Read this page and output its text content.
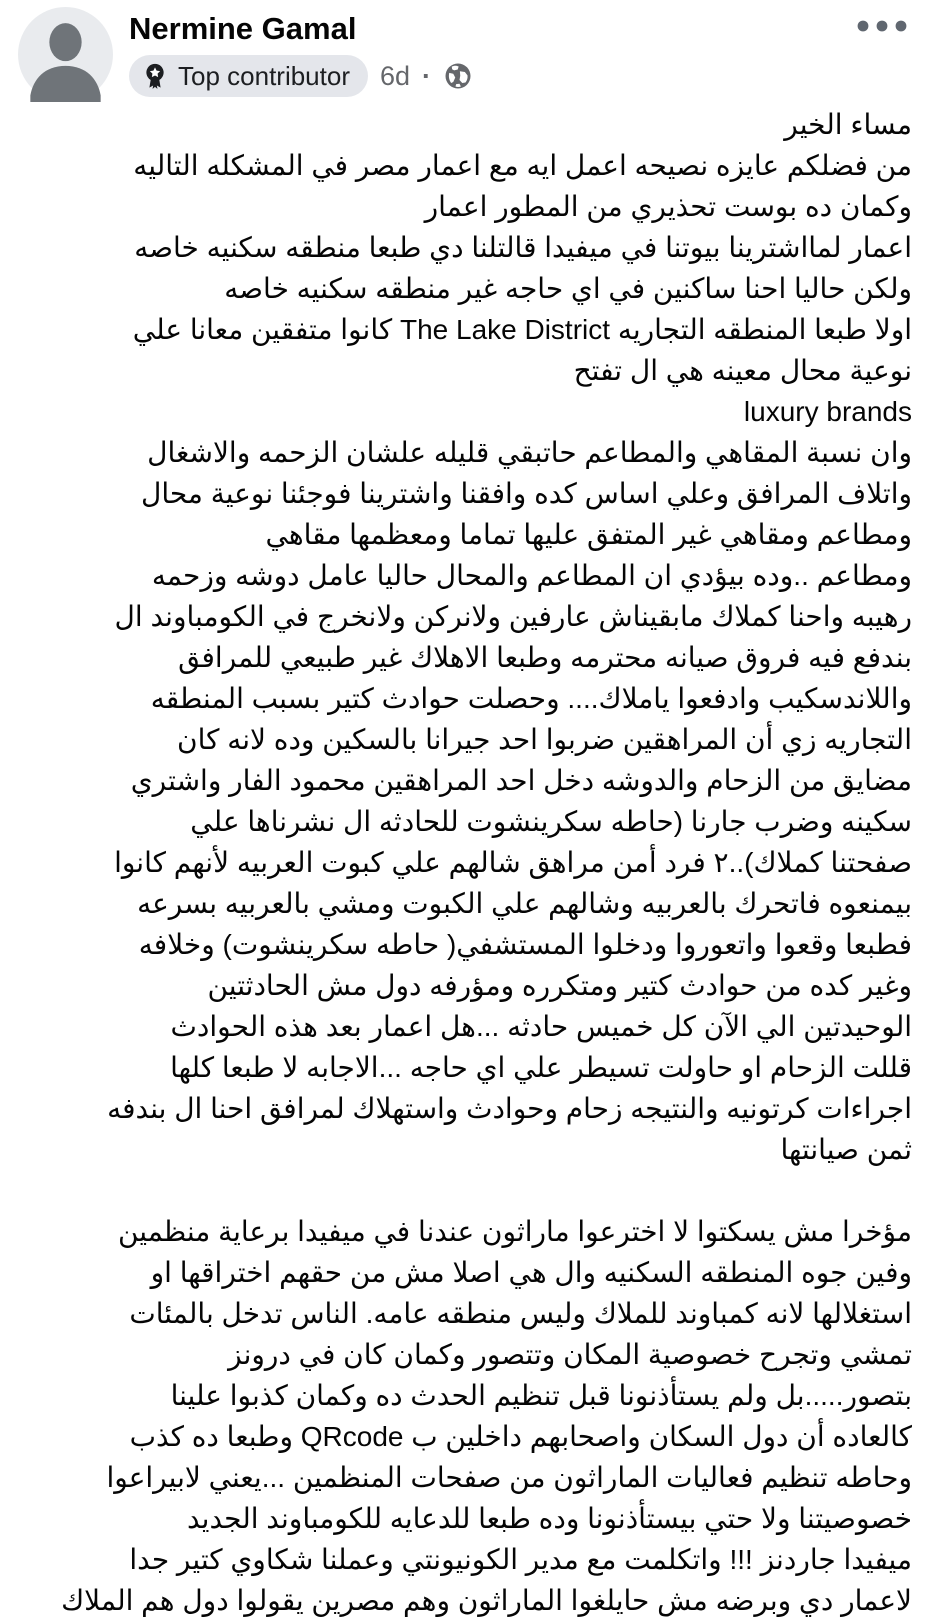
Nermine Gamal
Top contributor 6d ·
مساء الخير
من فضلكم عايزه نصيحه اعمل ايه مع اعمار مصر في المشكله التاليه
وكمان ده بوست تحذيري من المطور اعمار
اعمار لمااشترينا بيوتنا في ميفيدا قالتلنا دي طبعا منطقه سكنيه خاصه
ولكن حاليا احنا ساكنين في اي حاجه غير منطقه سكنيه خاصه
اولا طبعا المنطقه التجاريه The Lake District كانوا متفقين معانا علي
نوعية محال معينه هي ال تفتح
luxury brands
وان نسبة المقاهي والمطاعم حاتبقي قليله علشان الزحمه والاشغال
واتلاف المرافق وعلي اساس كده وافقنا واشترينا فوجئنا نوعية محال
ومطاعم ومقاهي غير المتفق عليها تماما ومعظمها مقاهي
ومطاعم ..وده بيؤدي ان المطاعم والمحال حاليا عامل دوشه وزحمه
رهيبه واحنا كملاك مابقيناش عارفين ولانركن ولانخرج في الكومباوند ال
بندفع فيه فروق صيانه محترمه وطبعا الاهلاك غير طبيعي للمرافق
واللاندسكيب وادفعوا ياملاك.... وحصلت حوادث كتير بسبب المنطقه
التجاريه زي أن المراهقين ضربوا احد جيرانا بالسكين وده لانه كان
مضايق من الزحام والدوشه دخل احد المراهقين محمود الفار واشتري
سكينه وضرب جارنا (حاطه سكرينشوت للحادثه ال نشرناها علي
صفحتنا كملاك)..٢ فرد أمن مراهق شالهم علي كبوت العربيه لأنهم كانوا
بيمنعوه فاتحرك بالعربيه وشالهم علي الكبوت ومشي بالعربيه بسرعه
فطبعا وقعوا واتعوروا ودخلوا المستشفي( حاطه سكرينشوت) وخلافه
وغير كده من حوادث كتير ومتكرره ومؤرفه دول مش الحادثتين
الوحيدتين الي الآن كل خميس حادثه ...هل اعمار بعد هذه الحوادث
قللت الزحام او حاولت تسيطر علي اي حاجه ...الاجابه لا طبعا كلها
اجراءات كرتونيه والنتيجه زحام وحوادث واستهلاك لمرافق احنا ال بندفه
ثمن صيانتها
مؤخرا مش يسكتوا لا اخترعوا ماراثون عندنا في ميفيدا برعاية منظمين
وفين جوه المنطقه السكنيه وال هي اصلا مش من حقهم اختراقها او
استغلالها لانه كمباوند للملاك وليس منطقه عامه. الناس تدخل بالمئات
تمشي وتجرح خصوصية المكان وتتصور وكمان كان في درونز
بتصور.....بل ولم يستأذنونا قبل تنظيم الحدث ده وكمان كذبوا علينا
كالعاده أن دول السكان واصحابهم داخلين ب QRcode وطبعا ده كذب
وحاطه تنظيم فعاليات الماراثون من صفحات المنظمين ...يعني لابيراعوا
خصوصيتنا ولا حتي بيستأذنونا وده طبعا للدعايه للكومباوند الجديد
ميفيدا جاردنز !!! واتكلمت مع مدير الكونيونتي وعملنا شكاوي كتير جدا
لاعمار دي وبرضه مش حايلغوا الماراثون وهم مصرين يقولوا دول هم الملاك
